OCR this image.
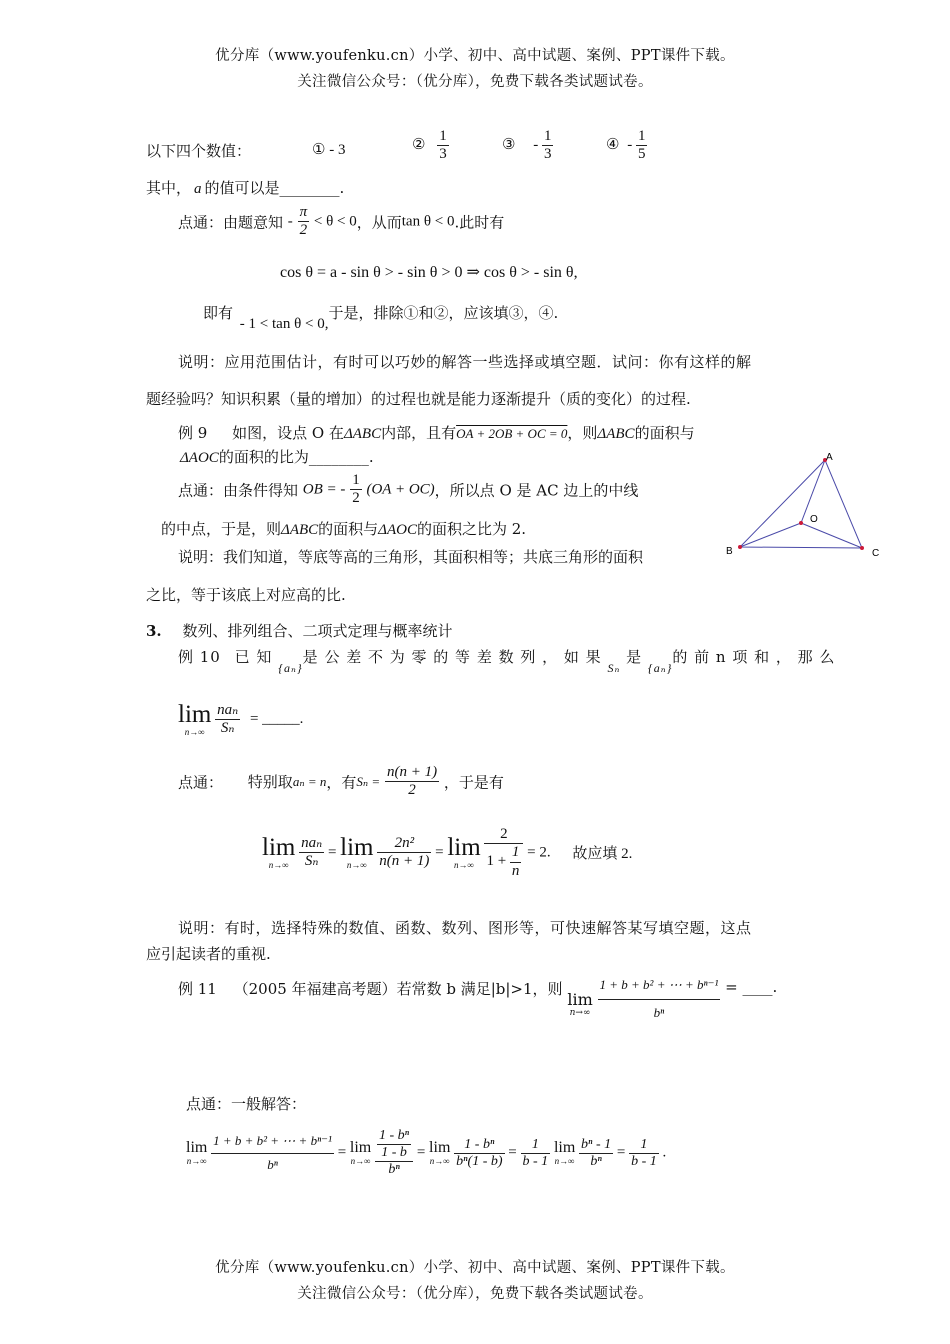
优分库（www.youfenku.cn）小学、初中、高中试题、案例、PPT课件下载。
关注微信公众号：（优分库），免费下载各类试题试卷。
以下四个数值：	① - 3	② $\frac{1}{3}$	③ - $\frac{1}{3}$	④ - $\frac{1}{5}$
其中， a 的值可以是________.
点通：由题意知 - $\frac{\pi}{2} < \theta < 0$，从而tan θ < 0.此时有
cos θ = a - sin θ > - sin θ > 0 ⇒ cos θ > - sin θ,
即有 - 1 < tan θ < 0,于是，排除①和②，应该填③，④.
说明：应用范围估计，有时可以巧妙的解答一些选择或填空题．试问：你有这样的解
题经验吗？知识积累（量的增加）的过程也就是能力逐渐提升（质的变化）的过程.
例 9 如图，设点 O 在ΔABC内部，且有OA + 2OB + OC = 0，则ΔABC的面积与
ΔAOC的面积的比为________.
点通：由条件得知 OB = - $\frac{1}{2} (OA + OC)$，所以点 O 是 AC 边上的中线
的中点，于是，则ΔABC的面积与ΔAOC的面积之比为 2.
说明：我们知道，等底等高的三角形，其面积相等；共底三角形的面积
之比，等于该底上对应高的比.
A
B	C
O
3. 数列、排列组合、二项式定理与概率统计
例 10 已 知 $_{\{a_n\}}$是 公 差 不 为 零 的 等 差 数 列 ， 如 果 $_{S_n}$ 是 $_{\{a_n\}}$的 前 n 项 和 ， 那 么
lim
n→∞
$\frac{\text{naₙ}}{\text{Sₙ}}$ = _____.
点通： 特别取aₙ = n，有$S_n = \frac{n(n + 1)}{2}$ ，于是有
lim
n→∞
$\frac{\text{naₙ}}{\text{Sₙ}} = \lim$
n→∞
$\frac{\text{2n²}}{n(n + 1)} = \lim$
n→∞
$\frac{2}{1 + \frac{1}{n}} = 2$. 故应填 2.
说明：有时，选择特殊的数值、函数、数列、图形等，可快速解答某写填空题，这点
应引起读者的重视.
例 11 （2005 年福建高考题）若常数 b 满足|b|>1，则
lim
n→∞
$\frac{\text{1 + b + b² + ⋯ + bⁿ⁻¹}}{\text{bⁿ}}$ = ____.
点通：一般解答：
lim
n→∞
$\frac{\text{1 + b + b² + ⋯ + bⁿ⁻¹}}{\text{bⁿ}} = \lim$
n→∞
$\frac{\frac{\text{1 - bⁿ}}{1 - b}}{\text{bⁿ}} = \lim$
n→∞
$\frac{\text{1 - bⁿ}}{\text{bⁿ(1 - b)}} = \frac{1}{b - 1}$
lim
n→∞
$\frac{\text{bⁿ - 1}}{\text{bⁿ}} = \frac{1}{b - 1}$ .
优分库（www.youfenku.cn）小学、初中、高中试题、案例、PPT课件下载。
关注微信公众号：（优分库），免费下载各类试题试卷。
